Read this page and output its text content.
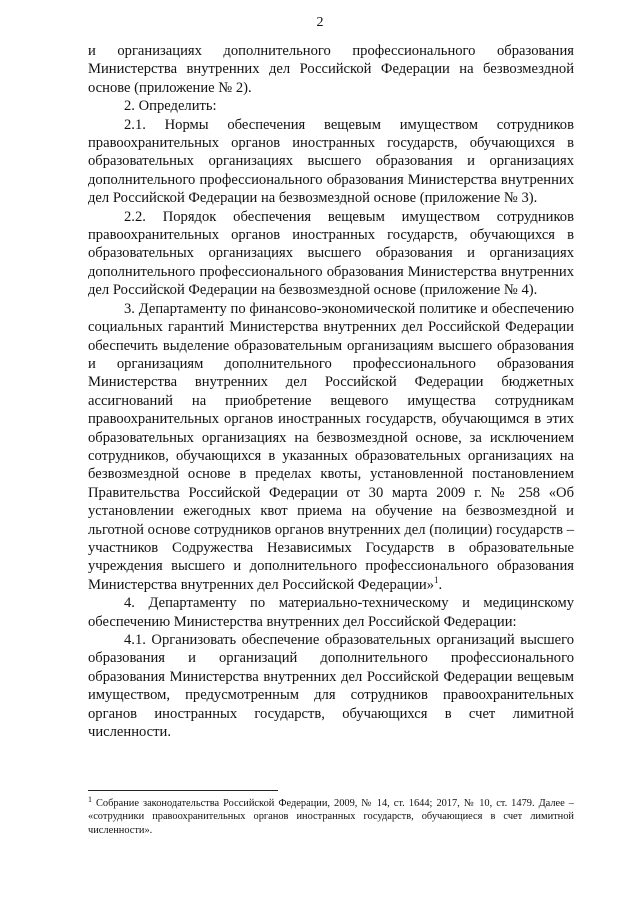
2

и организациях дополнительного профессионального образования Министерства внутренних дел Российской Федерации на безвозмездной основе (приложение № 2).

2. Определить:

2.1. Нормы обеспечения вещевым имуществом сотрудников правоохранительных органов иностранных государств, обучающихся в образовательных организациях высшего образования и организациях дополнительного профессионального образования Министерства внутренних дел Российской Федерации на безвозмездной основе (приложение № 3).

2.2. Порядок обеспечения вещевым имуществом сотрудников правоохранительных органов иностранных государств, обучающихся в образовательных организациях высшего образования и организациях дополнительного профессионального образования Министерства внутренних дел Российской Федерации на безвозмездной основе (приложение № 4).

3. Департаменту по финансово-экономической политике и обеспечению социальных гарантий Министерства внутренних дел Российской Федерации обеспечить выделение образовательным организациям высшего образования и организациям дополнительного профессионального образования Министерства внутренних дел Российской Федерации бюджетных ассигнований на приобретение вещевого имущества сотрудникам правоохранительных органов иностранных государств, обучающимся в этих образовательных организациях на безвозмездной основе, за исключением сотрудников, обучающихся в указанных образовательных организациях на безвозмездной основе в пределах квоты, установленной постановлением Правительства Российской Федерации от 30 марта 2009 г. № 258 «Об установлении ежегодных квот приема на обучение на безвозмездной и льготной основе сотрудников органов внутренних дел (полиции) государств – участников Содружества Независимых Государств в образовательные учреждения высшего и дополнительного профессионального образования Министерства внутренних дел Российской Федерации»$^1$.

4. Департаменту по материально-техническому и медицинскому обеспечению Министерства внутренних дел Российской Федерации:

4.1. Организовать обеспечение образовательных организаций высшего образования и организаций дополнительного профессионального образования Министерства внутренних дел Российской Федерации вещевым имуществом, предусмотренным для сотрудников правоохранительных органов иностранных государств, обучающихся в счет лимитной численности.

$^1$ Собрание законодательства Российской Федерации, 2009, № 14, ст. 1644; 2017, № 10, ст. 1479. Далее – «сотрудники правоохранительных органов иностранных государств, обучающиеся в счет лимитной численности».
